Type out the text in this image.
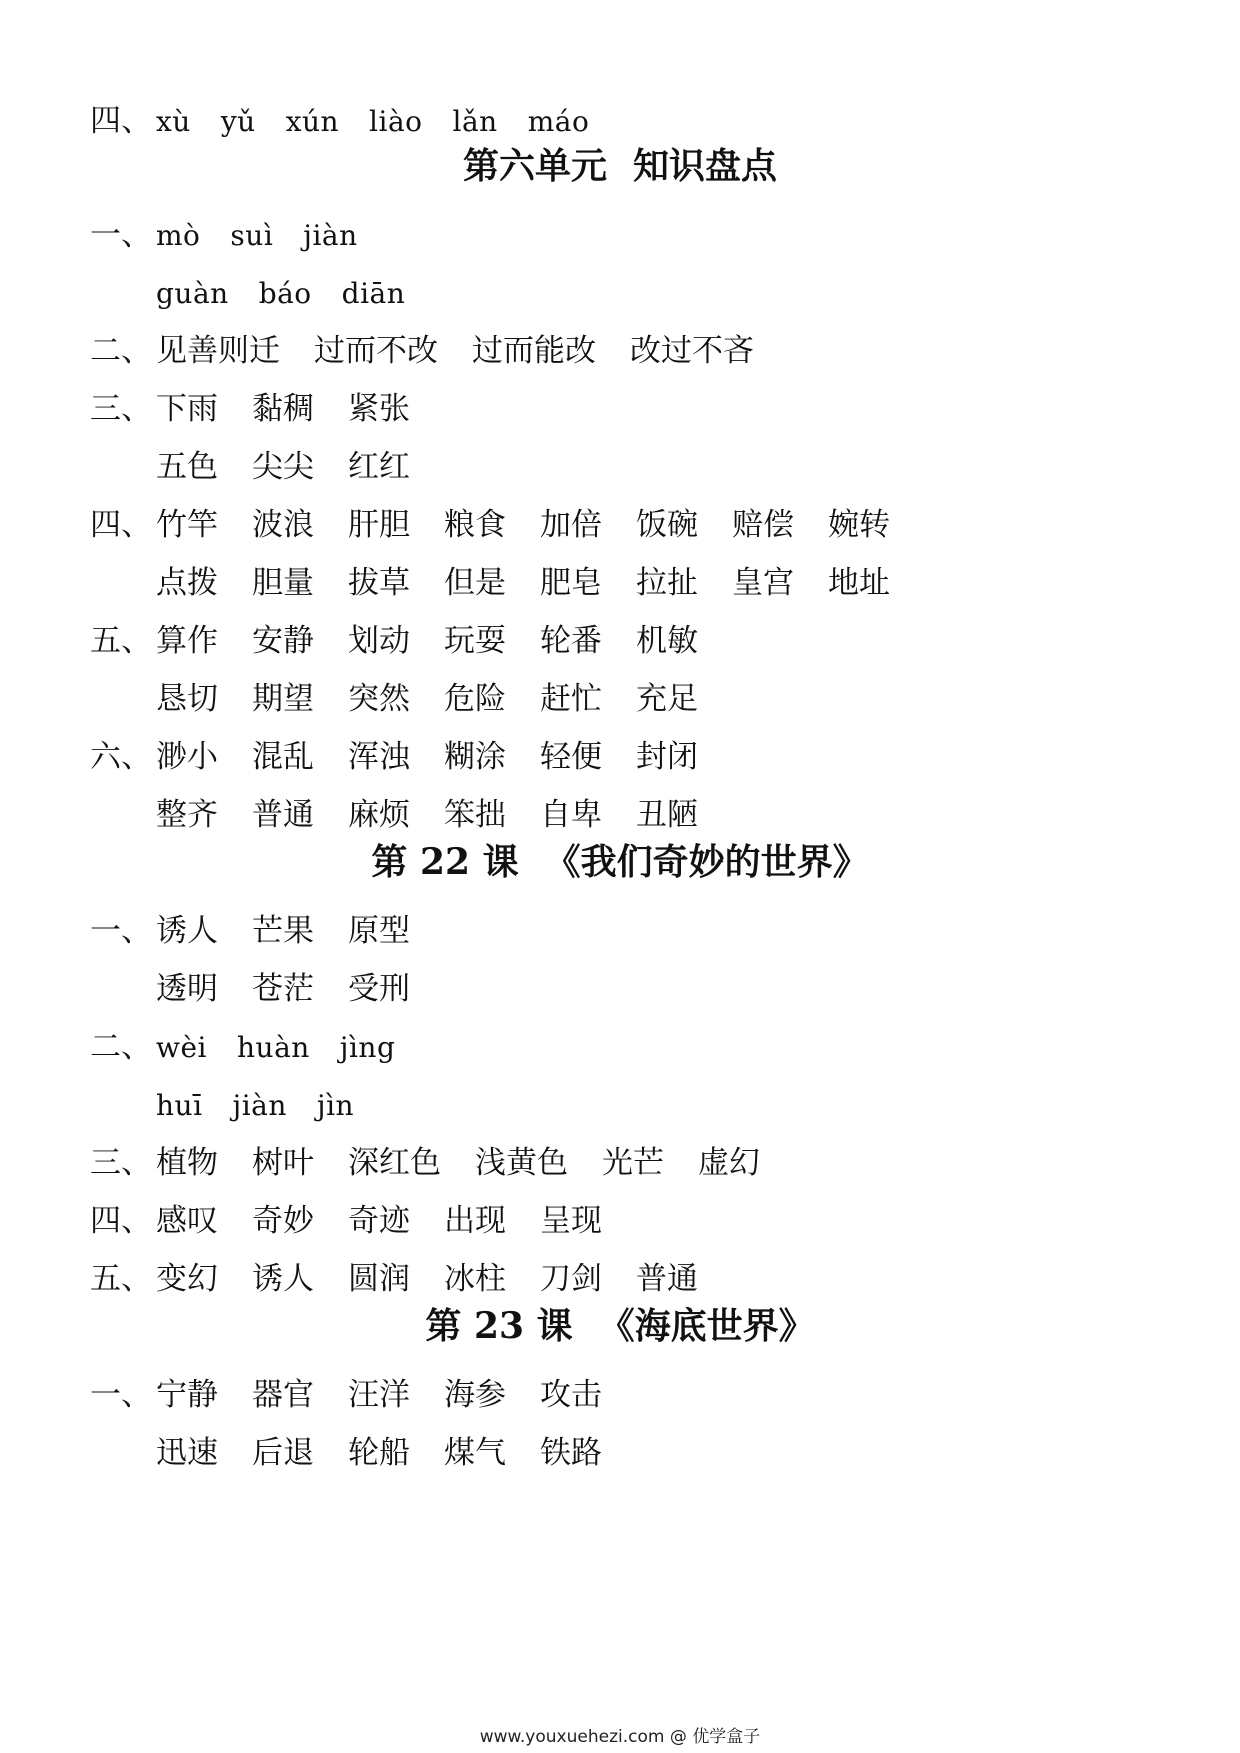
四、 xù yǔ xún liào lǎn máo
第六单元 知识盘点
一、 mò suì jiàn
guàn báo diān
二、 见善则迁 过而不改 过而能改 改过不吝
三、 下雨 黏稠 紧张
五色 尖尖 红红
四、 竹竿 波浪 肝胆 粮食 加倍 饭碗 赔偿 婉转
点拨 胆量 拔草 但是 肥皂 拉扯 皇宫 地址
五、 算作 安静 划动 玩耍 轮番 机敏
恳切 期望 突然 危险 赶忙 充足
六、 渺小 混乱 浑浊 糊涂 轻便 封闭
整齐 普通 麻烦 笨拙 自卑 丑陋
第 22 课 《我们奇妙的世界》
一、 诱人 芒果 原型
透明 苍茫 受刑
二、 wèi huàn jìng
huī jiàn jìn
三、 植物 树叶 深红色 浅黄色 光芒 虚幻
四、 感叹 奇妙 奇迹 出现 呈现
五、 变幻 诱人 圆润 冰柱 刀剑 普通
第 23 课 《海底世界》
一、 宁静 器官 汪洋 海参 攻击
迅速 后退 轮船 煤气 铁路
www.youxuehezi.com @ 优学盒子
